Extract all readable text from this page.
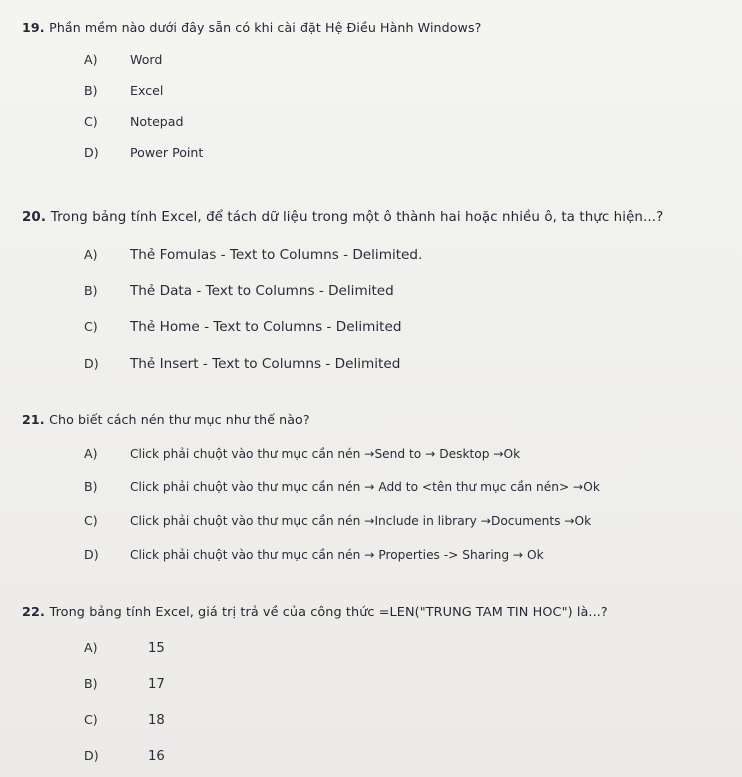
19. Phần mềm nào dưới đây sẵn có khi cài đặt Hệ Điều Hành Windows?
A)	Word
B)	Excel
C)	Notepad
D)	Power Point
20. Trong bảng tính Excel, để tách dữ liệu trong một ô thành hai hoặc nhiều ô, ta thực hiện...?
A)	Thẻ Fomulas - Text to Columns - Delimited.
B)	Thẻ Data - Text to Columns - Delimited
C)	Thẻ Home - Text to Columns - Delimited
D)	Thẻ Insert - Text to Columns - Delimited
21. Cho biết cách nén thư mục như thế nào?
A)	Click phải chuột vào thư mục cần nén →Send to → Desktop →Ok
B)	Click phải chuột vào thư mục cần nén → Add to <tên thư mục cần nén> →Ok
C)	Click phải chuột vào thư mục cần nén →Include in library →Documents →Ok
D)	Click phải chuột vào thư mục cần nén → Properties -> Sharing → Ok
22. Trong bảng tính Excel, giá trị trả về của công thức =LEN("TRUNG TAM TIN HOC") là...?
A)	15
B)	17
C)	18
D)	16
